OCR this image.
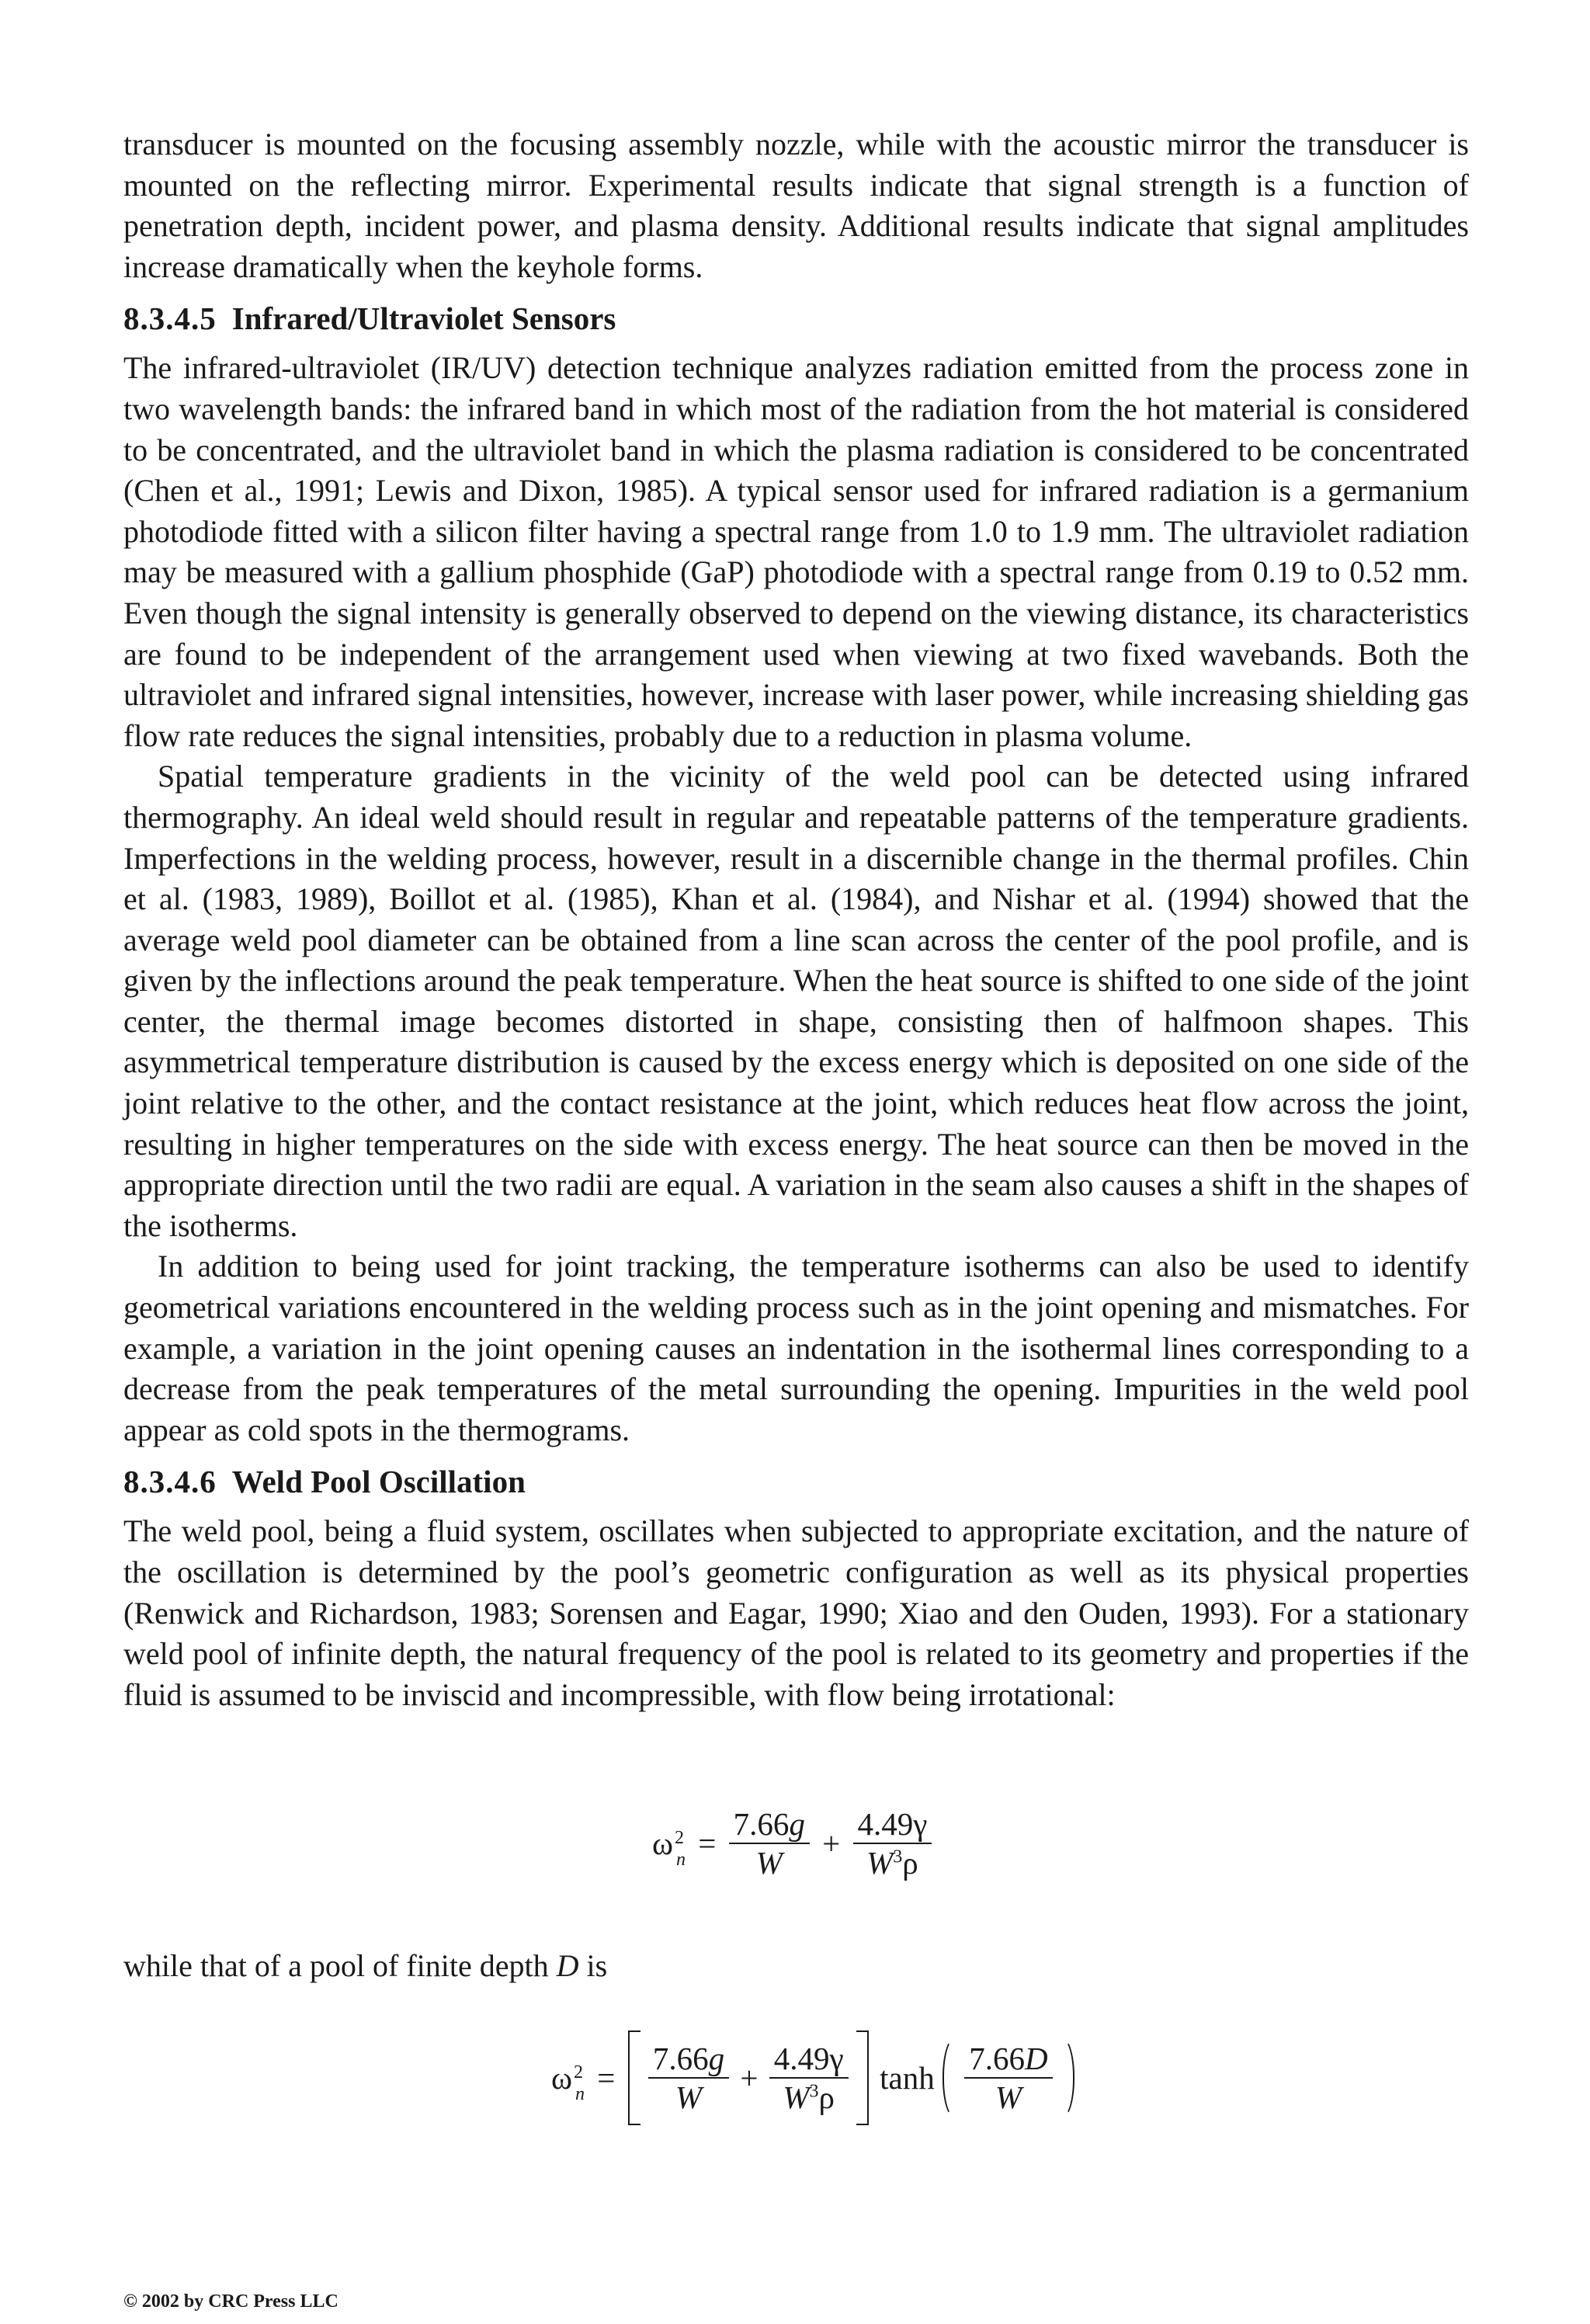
transducer is mounted on the focusing assembly nozzle, while with the acoustic mirror the transducer is mounted on the reflecting mirror. Experimental results indicate that signal strength is a function of penetration depth, incident power, and plasma density. Additional results indicate that signal amplitudes increase dramatically when the keyhole forms.

8.3.4.5 Infrared/Ultraviolet Sensors

The infrared-ultraviolet (IR/UV) detection technique analyzes radiation emitted from the process zone in two wavelength bands: the infrared band in which most of the radiation from the hot material is considered to be concentrated, and the ultraviolet band in which the plasma radiation is considered to be concentrated (Chen et al., 1991; Lewis and Dixon, 1985). A typical sensor used for infrared radiation is a germanium photodiode fitted with a silicon filter having a spectral range from 1.0 to 1.9 mm. The ultraviolet radiation may be measured with a gallium phosphide (GaP) photodiode with a spectral range from 0.19 to 0.52 mm. Even though the signal intensity is generally observed to depend on the viewing distance, its characteristics are found to be independent of the arrangement used when viewing at two fixed wavebands. Both the ultraviolet and infrared signal intensities, however, increase with laser power, while increasing shielding gas flow rate reduces the signal intensities, probably due to a reduction in plasma volume.

Spatial temperature gradients in the vicinity of the weld pool can be detected using infrared thermography. An ideal weld should result in regular and repeatable patterns of the temperature gradients. Imperfections in the welding process, however, result in a discernible change in the thermal profiles. Chin et al. (1983, 1989), Boillot et al. (1985), Khan et al. (1984), and Nishar et al. (1994) showed that the average weld pool diameter can be obtained from a line scan across the center of the pool profile, and is given by the inflections around the peak temperature. When the heat source is shifted to one side of the joint center, the thermal image becomes distorted in shape, consisting then of halfmoon shapes. This asymmetrical temperature distribution is caused by the excess energy which is deposited on one side of the joint relative to the other, and the contact resistance at the joint, which reduces heat flow across the joint, resulting in higher temperatures on the side with excess energy. The heat source can then be moved in the appropriate direction until the two radii are equal. A variation in the seam also causes a shift in the shapes of the isotherms.

In addition to being used for joint tracking, the temperature isotherms can also be used to identify geometrical variations encountered in the welding process such as in the joint opening and mismatches. For example, a variation in the joint opening causes an indentation in the isothermal lines corresponding to a decrease from the peak temperatures of the metal surrounding the opening. Impurities in the weld pool appear as cold spots in the thermograms.

8.3.4.6 Weld Pool Oscillation

The weld pool, being a fluid system, oscillates when subjected to appropriate excitation, and the nature of the oscillation is determined by the pool’s geometric configuration as well as its physical properties (Renwick and Richardson, 1983; Sorensen and Eagar, 1990; Xiao and den Ouden, 1993). For a stationary weld pool of infinite depth, the natural frequency of the pool is related to its geometry and properties if the fluid is assumed to be inviscid and incompressible, with flow being irrotational:

$\omega 2n = \frac{7.66g}{W} + \frac{4.49\gamma}{W^3\rho}$
while that of a pool of finite depth D is
$\omega 2n = \frac{7.66g}{W} + \frac{4.49\gamma}{W^3\rho}$ $\tanh \frac{7.66D}{W}$

© 2002 by CRC Press LLC
